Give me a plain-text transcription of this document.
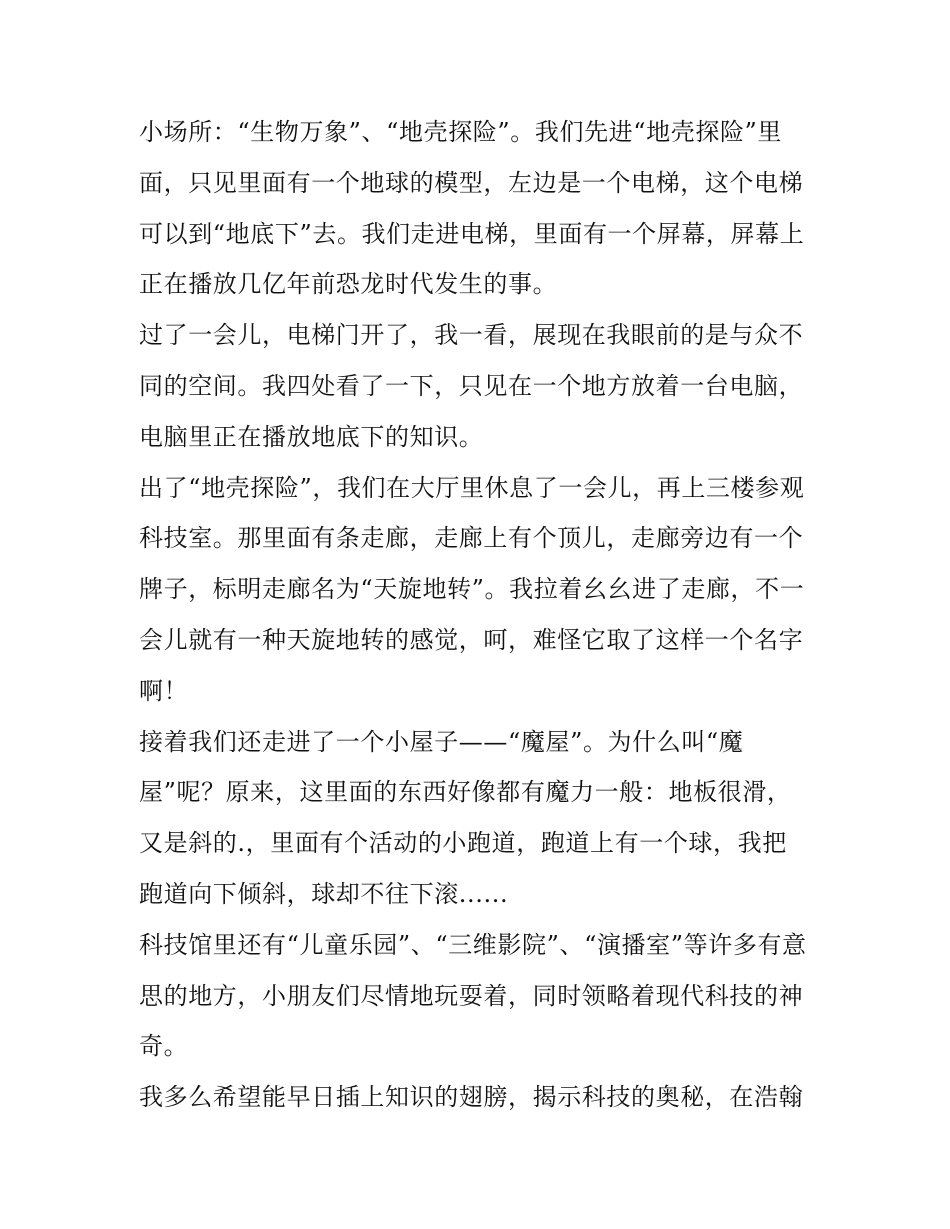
小场所：“生物万象”、“地壳探险”。我们先进“地壳探险”里
面，只见里面有一个地球的模型，左边是一个电梯，这个电梯
可以到“地底下”去。我们走进电梯，里面有一个屏幕，屏幕上
正在播放几亿年前恐龙时代发生的事。
过了一会儿，电梯门开了，我一看，展现在我眼前的是与众不
同的空间。我四处看了一下，只见在一个地方放着一台电脑，
电脑里正在播放地底下的知识。
出了“地壳探险”，我们在大厅里休息了一会儿，再上三楼参观
科技室。那里面有条走廊，走廊上有个顶儿，走廊旁边有一个
牌子，标明走廊名为“天旋地转”。我拉着幺幺进了走廊，不一
会儿就有一种天旋地转的感觉，呵，难怪它取了这样一个名字
啊！
接着我们还走进了一个小屋子——“魔屋”。为什么叫“魔
屋”呢？原来，这里面的东西好像都有魔力一般：地板很滑，
又是斜的.，里面有个活动的小跑道，跑道上有一个球，我把
跑道向下倾斜，球却不往下滚......
科技馆里还有“儿童乐园”、“三维影院”、“演播室”等许多有意
思的地方，小朋友们尽情地玩耍着，同时领略着现代科技的神
奇。
我多么希望能早日插上知识的翅膀，揭示科技的奥秘，在浩翰
